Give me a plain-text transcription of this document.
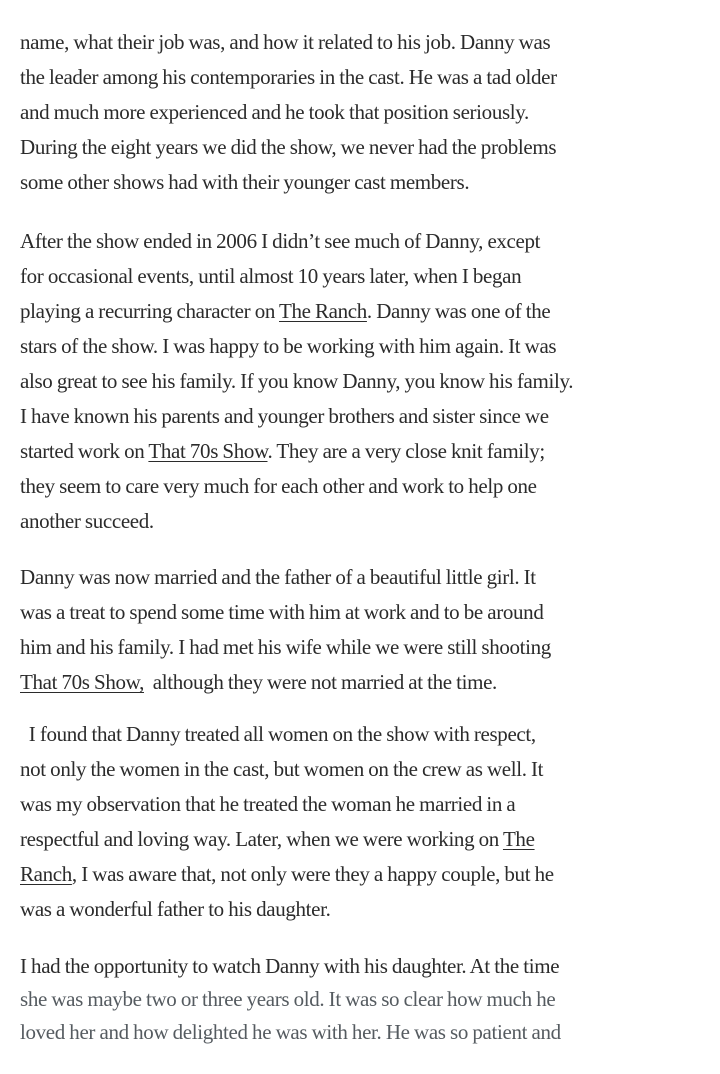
name, what their job was, and how it related to his job. Danny was
the leader among his contemporaries in the cast. He was a tad older
and much more experienced and he took that position seriously.
During the eight years we did the show, we never had the problems
some other shows had with their younger cast members.
After the show ended in 2006 I didn’t see much of Danny, except
for occasional events, until almost 10 years later, when I began
playing a recurring character on The Ranch. Danny was one of the
stars of the show. I was happy to be working with him again. It was
also great to see his family. If you know Danny, you know his family.
I have known his parents and younger brothers and sister since we
started work on That 70s Show. They are a very close knit family;
they seem to care very much for each other and work to help one
another succeed.
Danny was now married and the father of a beautiful little girl. It
was a treat to spend some time with him at work and to be around
him and his family. I had met his wife while we were still shooting
That 70s Show,  although they were not married at the time.
I found that Danny treated all women on the show with respect,
not only the women in the cast, but women on the crew as well. It
was my observation that he treated the woman he married in a
respectful and loving way. Later, when we were working on The
Ranch, I was aware that, not only were they a happy couple, but he
was a wonderful father to his daughter.
I had the opportunity to watch Danny with his daughter. At the time
she was maybe two or three years old. It was so clear how much he
loved her and how delighted he was with her. He was so patient and
